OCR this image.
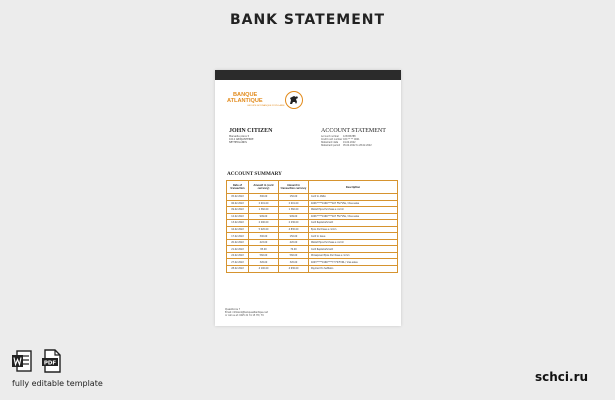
BANK STATEMENT
BANQUE
ATLANTIQUE
GROUPE BCP/BANQUE POPULAIRE
JOHN CITIZEN
Marseille place 5
1012 ABIDJANTERRE
NETHERLANDS
ACCOUNT STATEMENT
Account number 123456788
Credit card numberXXX ** ** 0021
Statement date 19.02.2022
Statement period 05.02.2022 to 28.02.2022
ACCOUNT SUMMARY
Date of transaction	Amount in (card currency)	Amount in transaction currency	Description
05.02.2022	300.00	150.00	Card to ANSA
06.02.2022	2 001.00	2 001.00	4006*****1966****407 FN FVNL / Visa sales
09.02.2022	1 360.00	1 360.00	Wallet Epos Purchase e comm
12.02.2022	999.00	999.00	4006*****1966****407 FN FVNL / Visa sales
13.02.2022	2 290.00	2 236.00	Card Replenishment
16.02.2022	5 020.00	4 830.00	Epos Purchase e comm
17.02.2022	300.00	150.00	Card to Issue
20.02.2022	422.00	420.00	Wallet Epos Purchase e comm
21.02.2022	83.00	70.00	Card Replenishment
24.02.2022	560.00	560.00	Wirespread Epos Purchase e comm
27.02.2022	326.00	320.00	4003*****1966****77 FN FVNL / Visa sales
28.02.2022	4 100.00	4 636.00	Payment to Settlebo
Questions ?
Email: infobank@banqueatlantique.net
or call us at: 0225 21 31 15 78 / 79
PDF
fully editable template	schci.ru
